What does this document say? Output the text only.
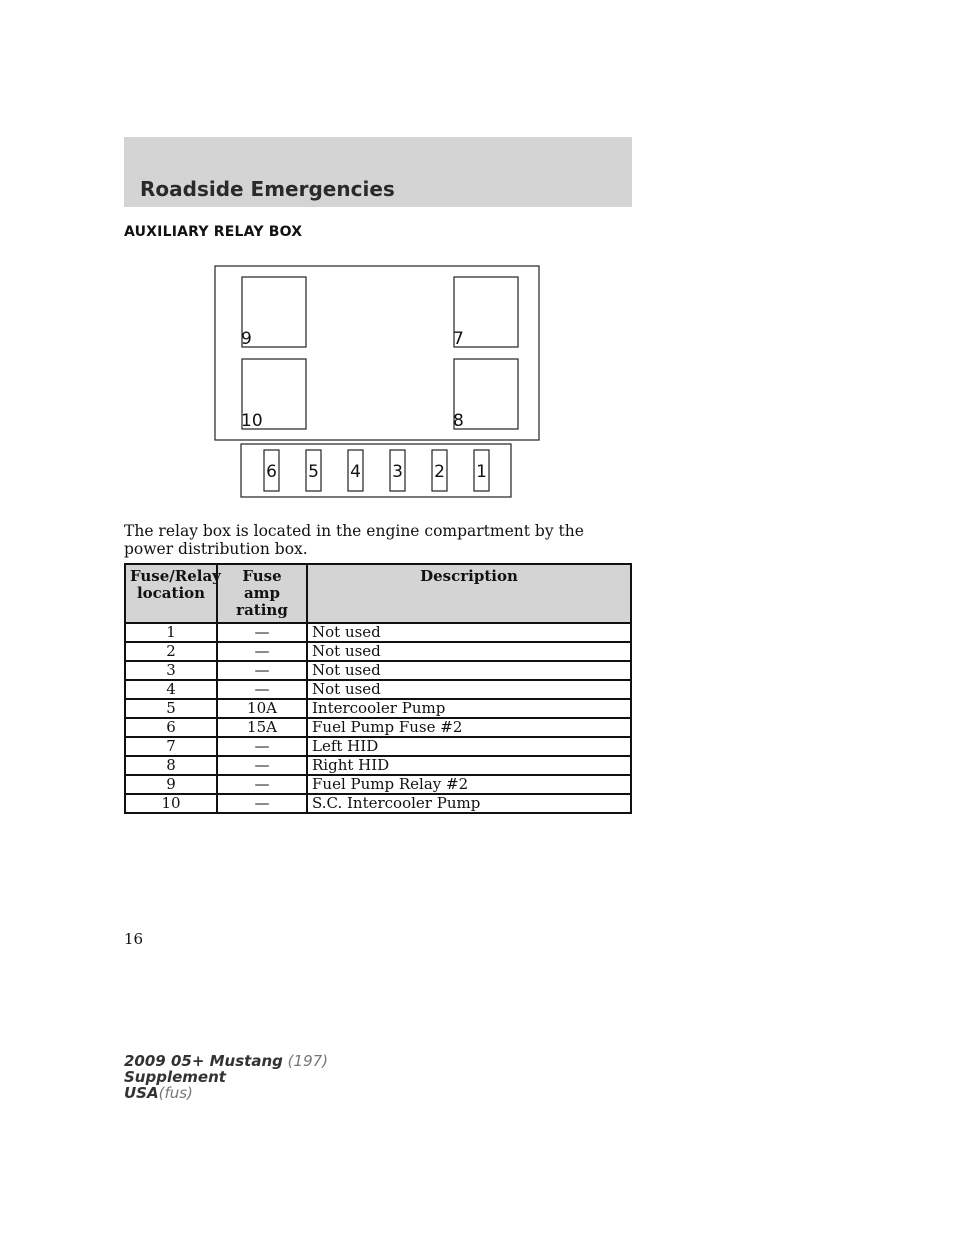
Roadside Emergencies
AUXILIARY RELAY BOX
9	7
10	8
6 5 4 3 2 1
The relay box is located in the engine compartment by the power distribution box.
Fuse/Relay location	Fuse amp rating	Description
1	—	Not used
2	—	Not used
3	—	Not used
4	—	Not used
5	10A	Intercooler Pump
6	15A	Fuel Pump Fuse #2
7	—	Left HID
8	—	Right HID
9	—	Fuel Pump Relay #2
10	—	S.C. Intercooler Pump
16
2009 05+ Mustang (197)
Supplement
USA(fus)
